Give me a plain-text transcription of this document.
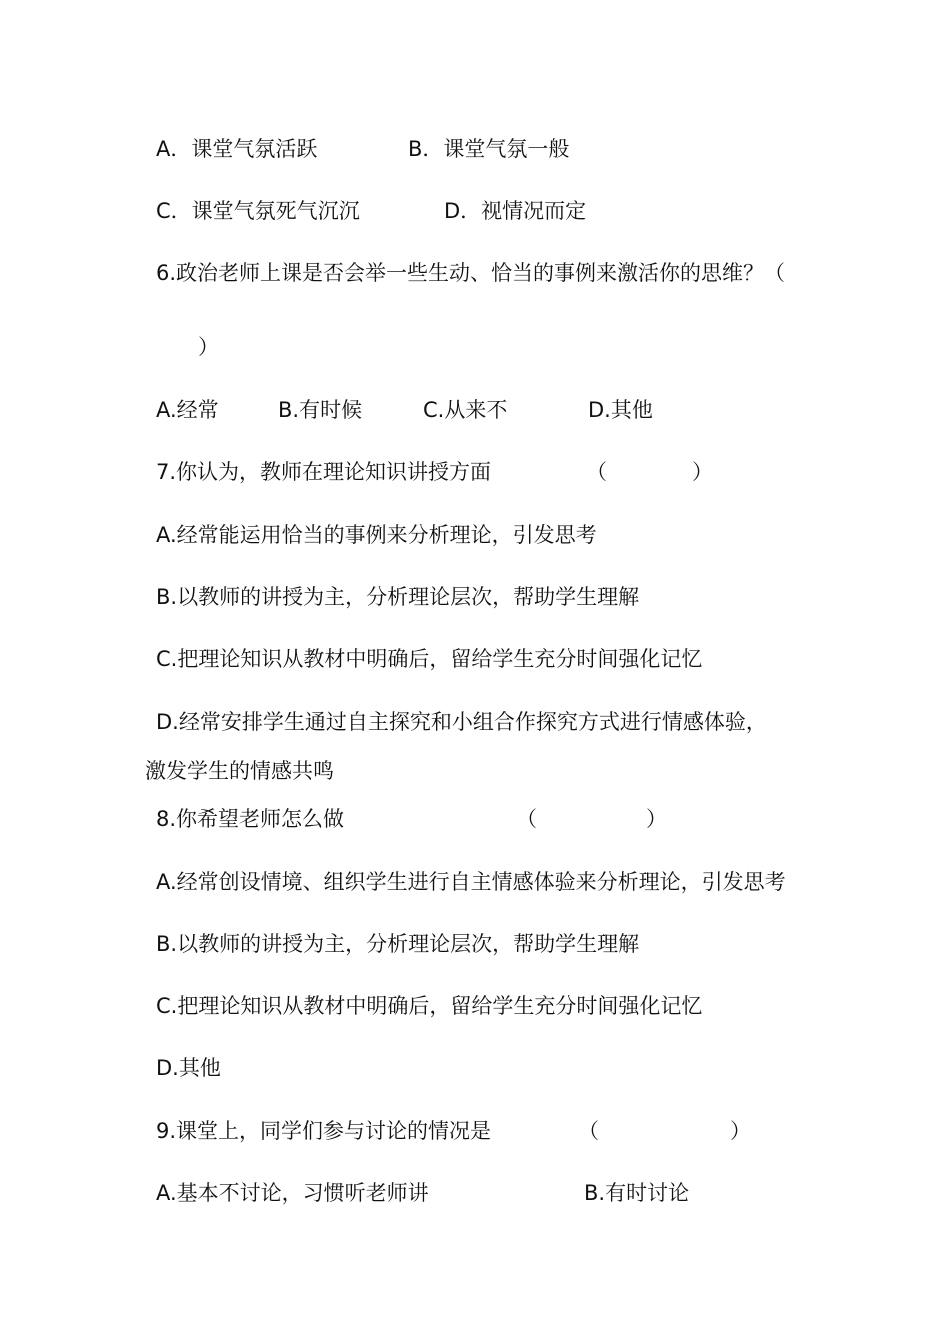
A．课堂气氛活跃	B．课堂气氛一般
C．课堂气氛死气沉沉	D．视情况而定
6.政治老师上课是否会举一些生动、恰当的事例来激活你的思维？（
）
A.经常	B.有时候	C.从来不	D.其他
7.你认为，教师在理论知识讲授方面	（	）
A.经常能运用恰当的事例来分析理论，引发思考
B.以教师的讲授为主，分析理论层次，帮助学生理解
C.把理论知识从教材中明确后，留给学生充分时间强化记忆
D.经常安排学生通过自主探究和小组合作探究方式进行情感体验，
激发学生的情感共鸣
8.你希望老师怎么做	（	）
A.经常创设情境、组织学生进行自主情感体验来分析理论，引发思考
B.以教师的讲授为主，分析理论层次，帮助学生理解
C.把理论知识从教材中明确后，留给学生充分时间强化记忆
D.其他
9.课堂上，同学们参与讨论的情况是	（	）
A.基本不讨论，习惯听老师讲	B.有时讨论
